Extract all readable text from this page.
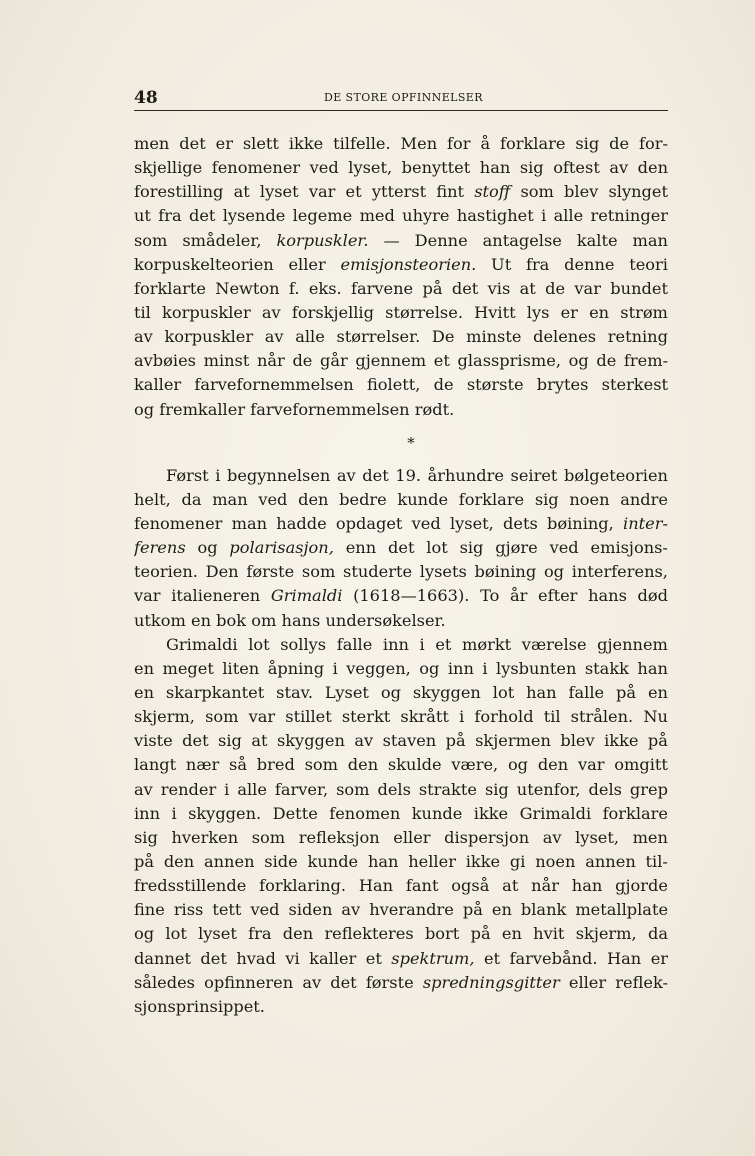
48	DE STORE OPFINNELSER
men det er slett ikke tilfelle. Men for å forklare sig de for-
skjellige fenomener ved lyset, benyttet han sig oftest av den
forestilling at lyset var et ytterst fint stoff som blev slynget
ut fra det lysende legeme med uhyre hastighet i alle retninger
som smådeler, korpuskler. — Denne antagelse kalte man
korpuskelteorien eller emisjonsteorien. Ut fra denne teori
forklarte Newton f. eks. farvene på det vis at de var bundet
til korpuskler av forskjellig størrelse. Hvitt lys er en strøm
av korpuskler av alle størrelser. De minste delenes retning
avbøies minst når de går gjennem et glassprisme, og de frem-
kaller farvefornemmelsen fiolett, de største brytes sterkest
og fremkaller farvefornemmelsen rødt.
*
Først i begynnelsen av det 19. århundre seiret bølgeteorien
helt, da man ved den bedre kunde forklare sig noen andre
fenomener man hadde opdaget ved lyset, dets bøining, inter-
ferens og polarisasjon, enn det lot sig gjøre ved emisjons-
teorien. Den første som studerte lysets bøining og interferens,
var italieneren Grimaldi (1618—1663). To år efter hans død
utkom en bok om hans undersøkelser.
Grimaldi lot sollys falle inn i et mørkt værelse gjennem
en meget liten åpning i veggen, og inn i lysbunten stakk han
en skarpkantet stav. Lyset og skyggen lot han falle på en
skjerm, som var stillet sterkt skrått i forhold til strålen. Nu
viste det sig at skyggen av staven på skjermen blev ikke på
langt nær så bred som den skulde være, og den var omgitt
av render i alle farver, som dels strakte sig utenfor, dels grep
inn i skyggen. Dette fenomen kunde ikke Grimaldi forklare
sig hverken som refleksjon eller dispersjon av lyset, men
på den annen side kunde han heller ikke gi noen annen til-
fredsstillende forklaring. Han fant også at når han gjorde
fine riss tett ved siden av hverandre på en blank metallplate
og lot lyset fra den reflekteres bort på en hvit skjerm, da
dannet det hvad vi kaller et spektrum, et farvebånd. Han er
således opfinneren av det første spredningsgitter eller reflek-
sjonsprinsippet.
